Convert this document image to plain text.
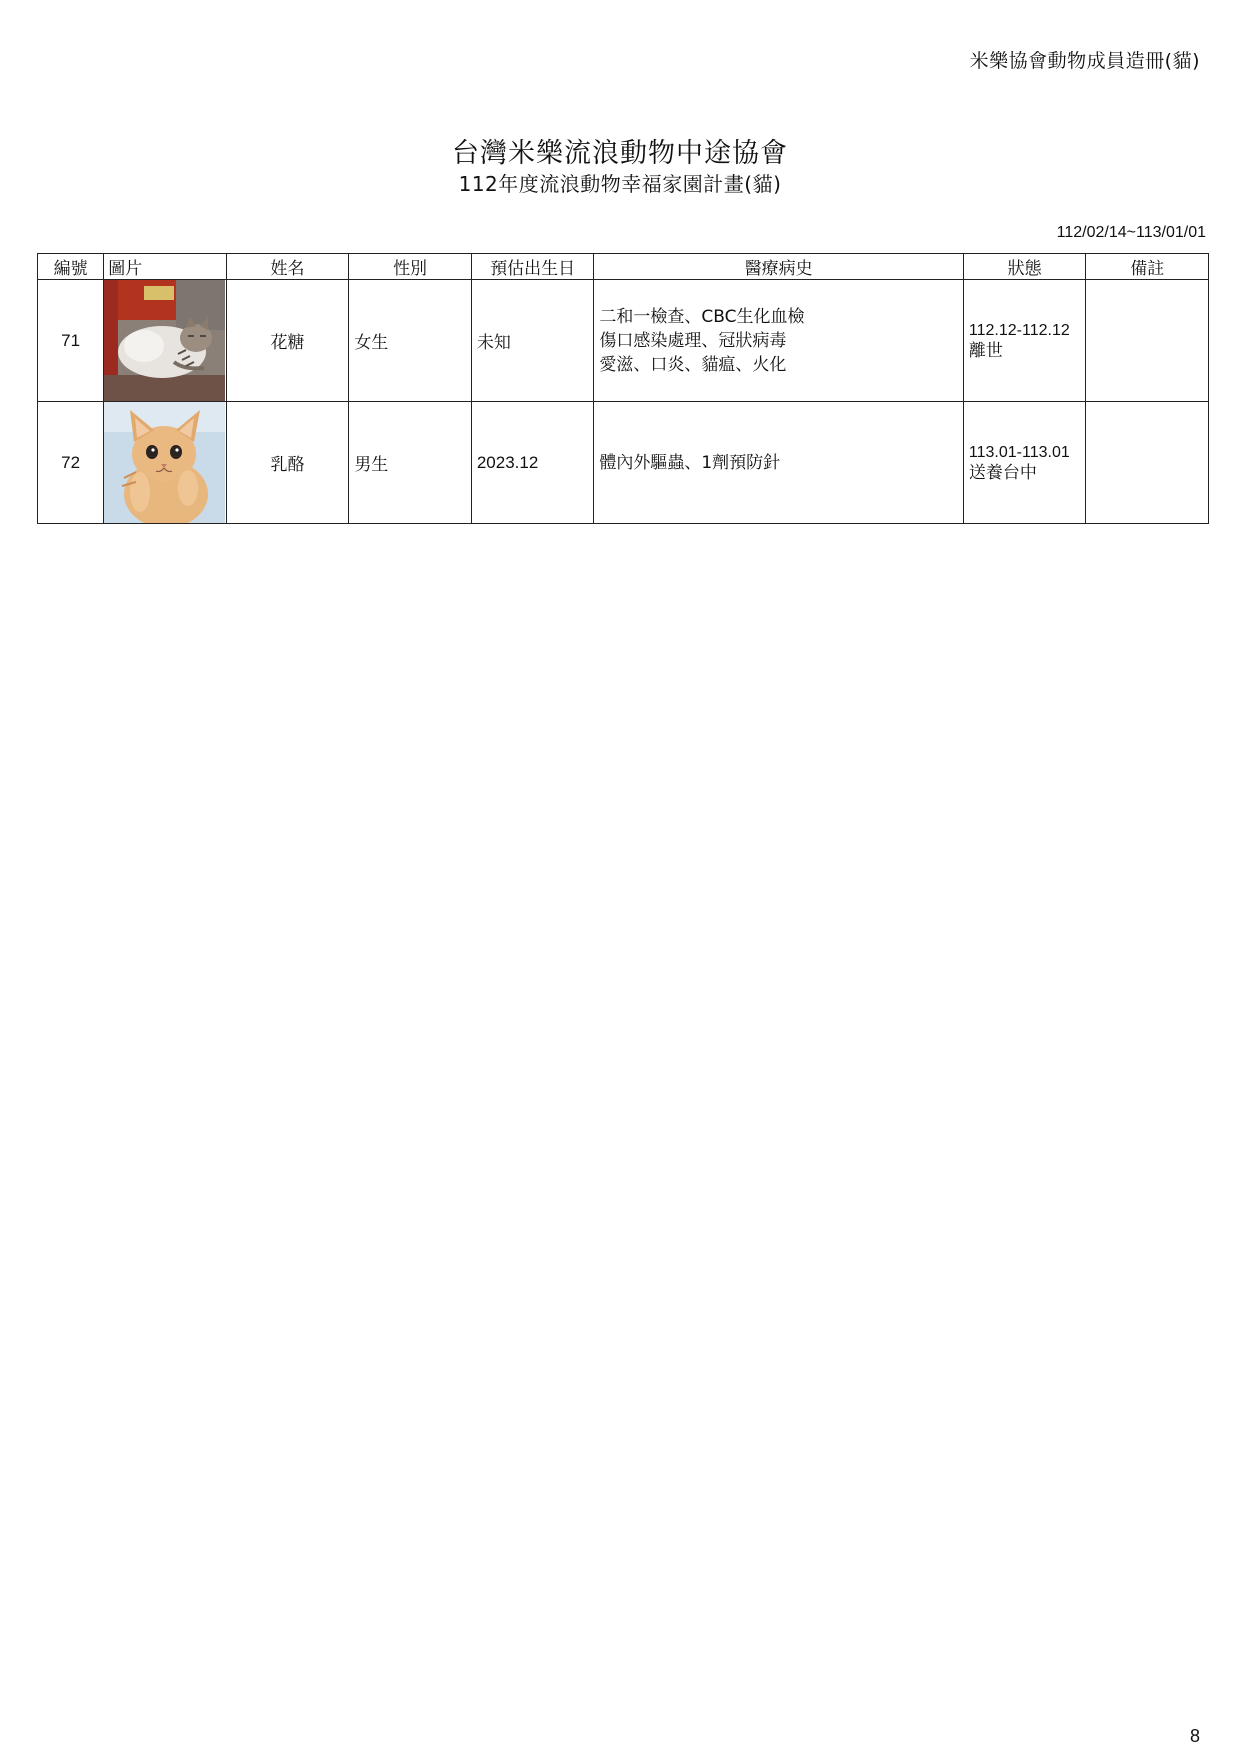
米樂協會動物成員造冊(貓)
台灣米樂流浪動物中途協會
112年度流浪動物幸福家園計畫(貓)
112/02/14~113/01/01
編號	圖片	姓名	性別	預估出生日	醫療病史	狀態	備註
71		花糖	女生	未知	二和一檢查、CBC生化血檢
傷口感染處理、冠狀病毒
愛滋、口炎、貓瘟、火化	112.12-112.12
離世	

72		乳酪	男生	2023.12	體內外驅蟲、1劑預防針	113.01-113.01
送養台中	

8
